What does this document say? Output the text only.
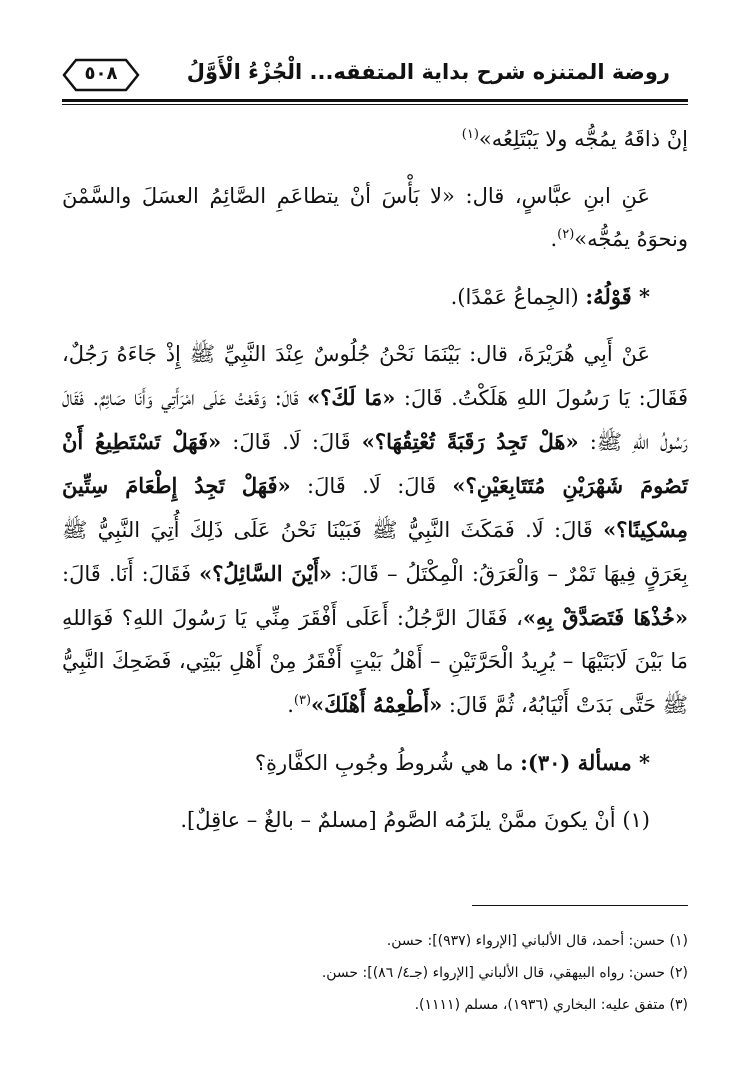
٥٠٨	روضة المتنزه شرح بداية المتفقه... الْجُزْءُ الْأَوَّلُ

إنْ ذاقَهُ يمُجُّه ولا يَبْتَلِعُه»$^{(١)}$

عَنِ ابنِ عبَّاسٍ، قال: «لا بَأْسَ أنْ يتطاعَمِ الصَّائِمُ العسَلَ والسَّمْنَ ونحوَهُ يمُجُّه»$^{(٢)}$.

* قَوْلُهُ: (الجِماعُ عَمْدًا).

عَنْ أَبِي هُرَيْرَةَ، قال: بَيْنَمَا نَحْنُ جُلُوسٌ عِنْدَ النَّبِيِّ ﷺ إِذْ جَاءَهُ رَجُلٌ، فَقَالَ: يَا رَسُولَ اللهِ هَلَكْتُ. قَالَ: «مَا لَكَ؟» قَالَ: وَقَعْتُ عَلَى امْرَأَتِي وَأَنَا صَائِمٌ. فَقَالَ رَسُولُ اللهِ ﷺ: «هَلْ تَجِدُ رَقَبَةً تُعْتِقُهَا؟» قَالَ: لَا. قَالَ: «فَهَلْ تَسْتَطِيعُ أَنْ تَصُومَ شَهْرَيْنِ مُتَتَابِعَيْنِ؟» قَالَ: لَا. قَالَ: «فَهَلْ تَجِدُ إِطْعَامَ سِتِّينَ مِسْكِينًا؟» قَالَ: لَا. فَمَكَثَ النَّبِيُّ ﷺ فَبَيْنَا نَحْنُ عَلَى ذَلِكَ أُتِيَ النَّبِيُّ ﷺ بِعَرَقٍ فِيهَا تَمْرٌ – وَالْعَرَقُ: الْمِكْتَلُ – قَالَ: «أَيْنَ السَّائِلُ؟» فَقَالَ: أَنَا. قَالَ: «خُذْهَا فَتَصَدَّقْ بِهِ»، فَقَالَ الرَّجُلُ: أَعَلَى أَفْقَرَ مِنِّي يَا رَسُولَ اللهِ؟ فَوَاللهِ مَا بَيْنَ لَابَتَيْهَا – يُرِيدُ الْحَرَّتَيْنِ – أَهْلُ بَيْتٍ أَفْقَرُ مِنْ أَهْلِ بَيْتِي، فَضَحِكَ النَّبِيُّ ﷺ حَتَّى بَدَتْ أَنْيَابُهُ، ثُمَّ قَالَ: «أَطْعِمْهُ أَهْلَكَ»$^{(٣)}$.

* مسألة (٣٠): ما هي شُروطُ وجُوبِ الكفَّارةِ؟

(١) أنْ يكونَ ممَّنْ يلزَمُه الصَّومُ [مسلمٌ – بالغٌ – عاقِلٌ].

(١) حسن: أحمد، قال الألباني [الإرواء (٩٣٧)]: حسن.
(٢) حسن: رواه البيهقي، قال الألباني [الإرواء (جـ٤/ ٨٦)]: حسن.
(٣) متفق عليه: البخاري (١٩٣٦)، مسلم (١١١١).
